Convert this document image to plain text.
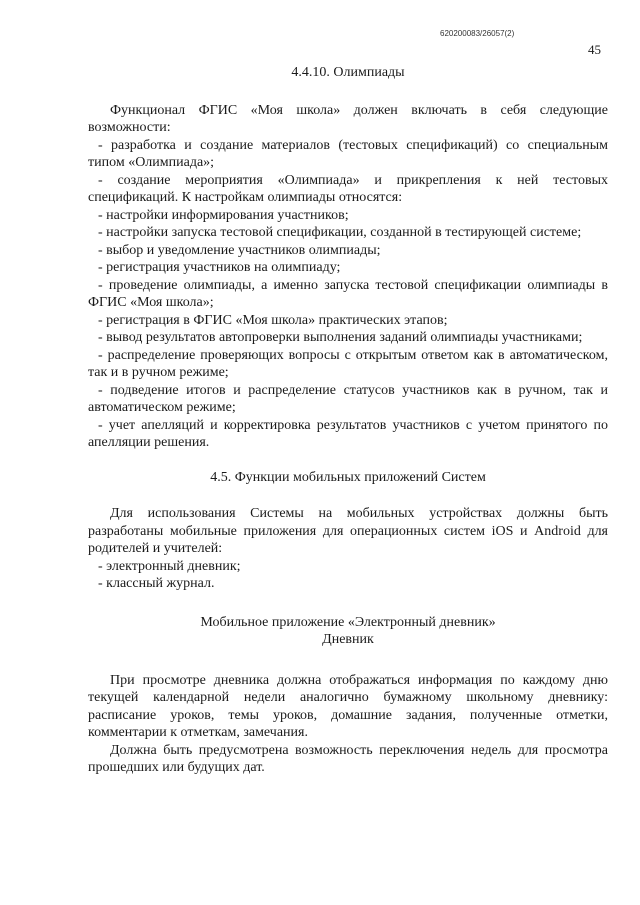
620200083/26057(2)
45
4.4.10. Олимпиады

Функционал ФГИС «Моя школа» должен включать в себя следующие возможности:

- разработка и создание материалов (тестовых спецификаций) со специальным типом «Олимпиада»;

- создание мероприятия «Олимпиада» и прикрепления к ней тестовых спецификаций. К настройкам олимпиады относятся:

- настройки информирования участников;

- настройки запуска тестовой спецификации, созданной в тестирующей системе;

- выбор и уведомление участников олимпиады;

- регистрация участников на олимпиаду;

- проведение олимпиады, а именно запуска тестовой спецификации олимпиады в ФГИС «Моя школа»;

- регистрация в ФГИС «Моя школа» практических этапов;

- вывод результатов автопроверки выполнения заданий олимпиады участниками;

- распределение проверяющих вопросы с открытым ответом как в автоматическом, так и в ручном режиме;

- подведение итогов и распределение статусов участников как в ручном, так и автоматическом режиме;

- учет апелляций и корректировка результатов участников с учетом принятого по апелляции решения.

4.5. Функции мобильных приложений Систем

Для использования Системы на мобильных устройствах должны быть разработаны мобильные приложения для операционных систем iOS и Android для родителей и учителей:

- электронный дневник;

- классный журнал.

Мобильное приложение «Электронный дневник»
Дневник

При просмотре дневника должна отображаться информация по каждому дню текущей календарной недели аналогично бумажному школьному дневнику: расписание уроков, темы уроков, домашние задания, полученные отметки, комментарии к отметкам, замечания.

Должна быть предусмотрена возможность переключения недель для просмотра прошедших или будущих дат.
